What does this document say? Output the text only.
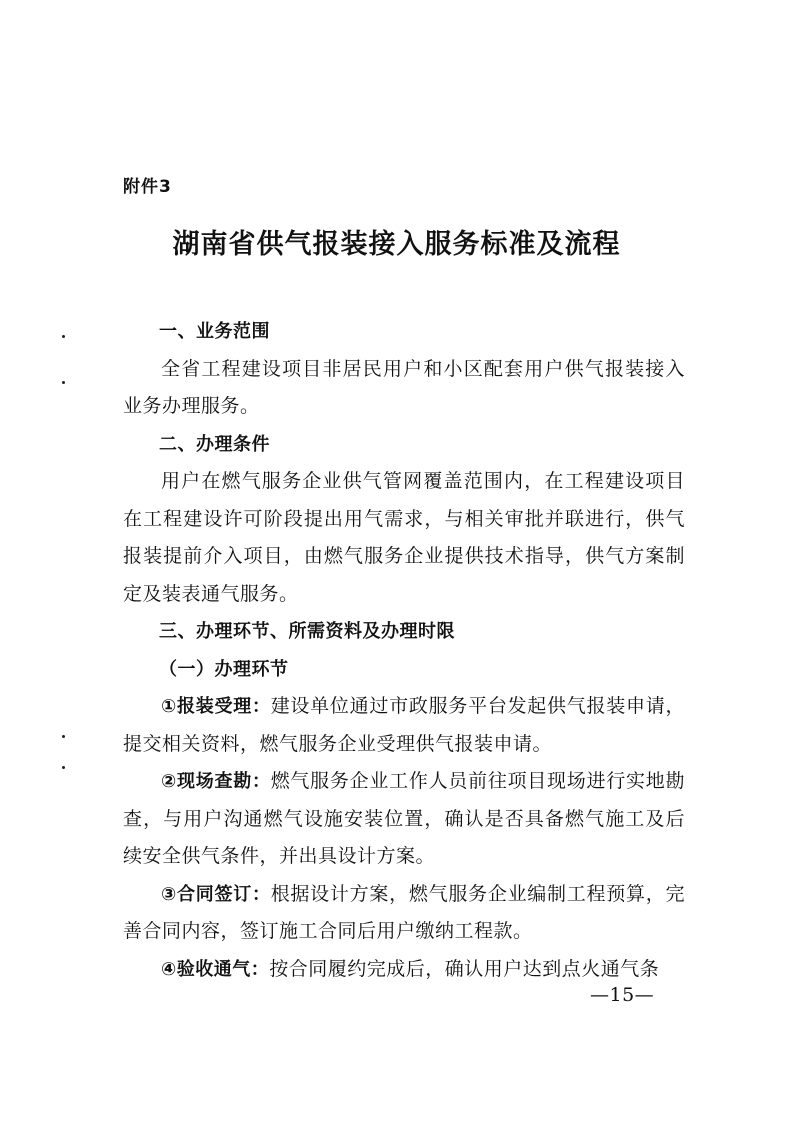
附件3
湖南省供气报装接入服务标准及流程

一、业务范围

全省工程建设项目非居民用户和小区配套用户供气报装接入业务办理服务。

二、办理条件

用户在燃气服务企业供气管网覆盖范围内，在工程建设项目在工程建设许可阶段提出用气需求，与相关审批并联进行，供气报装提前介入项目，由燃气服务企业提供技术指导，供气方案制定及装表通气服务。

三、办理环节、所需资料及办理时限

（一）办理环节

①报装受理：建设单位通过市政服务平台发起供气报装申请，提交相关资料，燃气服务企业受理供气报装申请。

②现场查勘：燃气服务企业工作人员前往项目现场进行实地勘查，与用户沟通燃气设施安装位置，确认是否具备燃气施工及后续安全供气条件，并出具设计方案。

③合同签订：根据设计方案，燃气服务企业编制工程预算，完善合同内容，签订施工合同后用户缴纳工程款。

④验收通气：按合同履约完成后，确认用户达到点火通气条

—15—
